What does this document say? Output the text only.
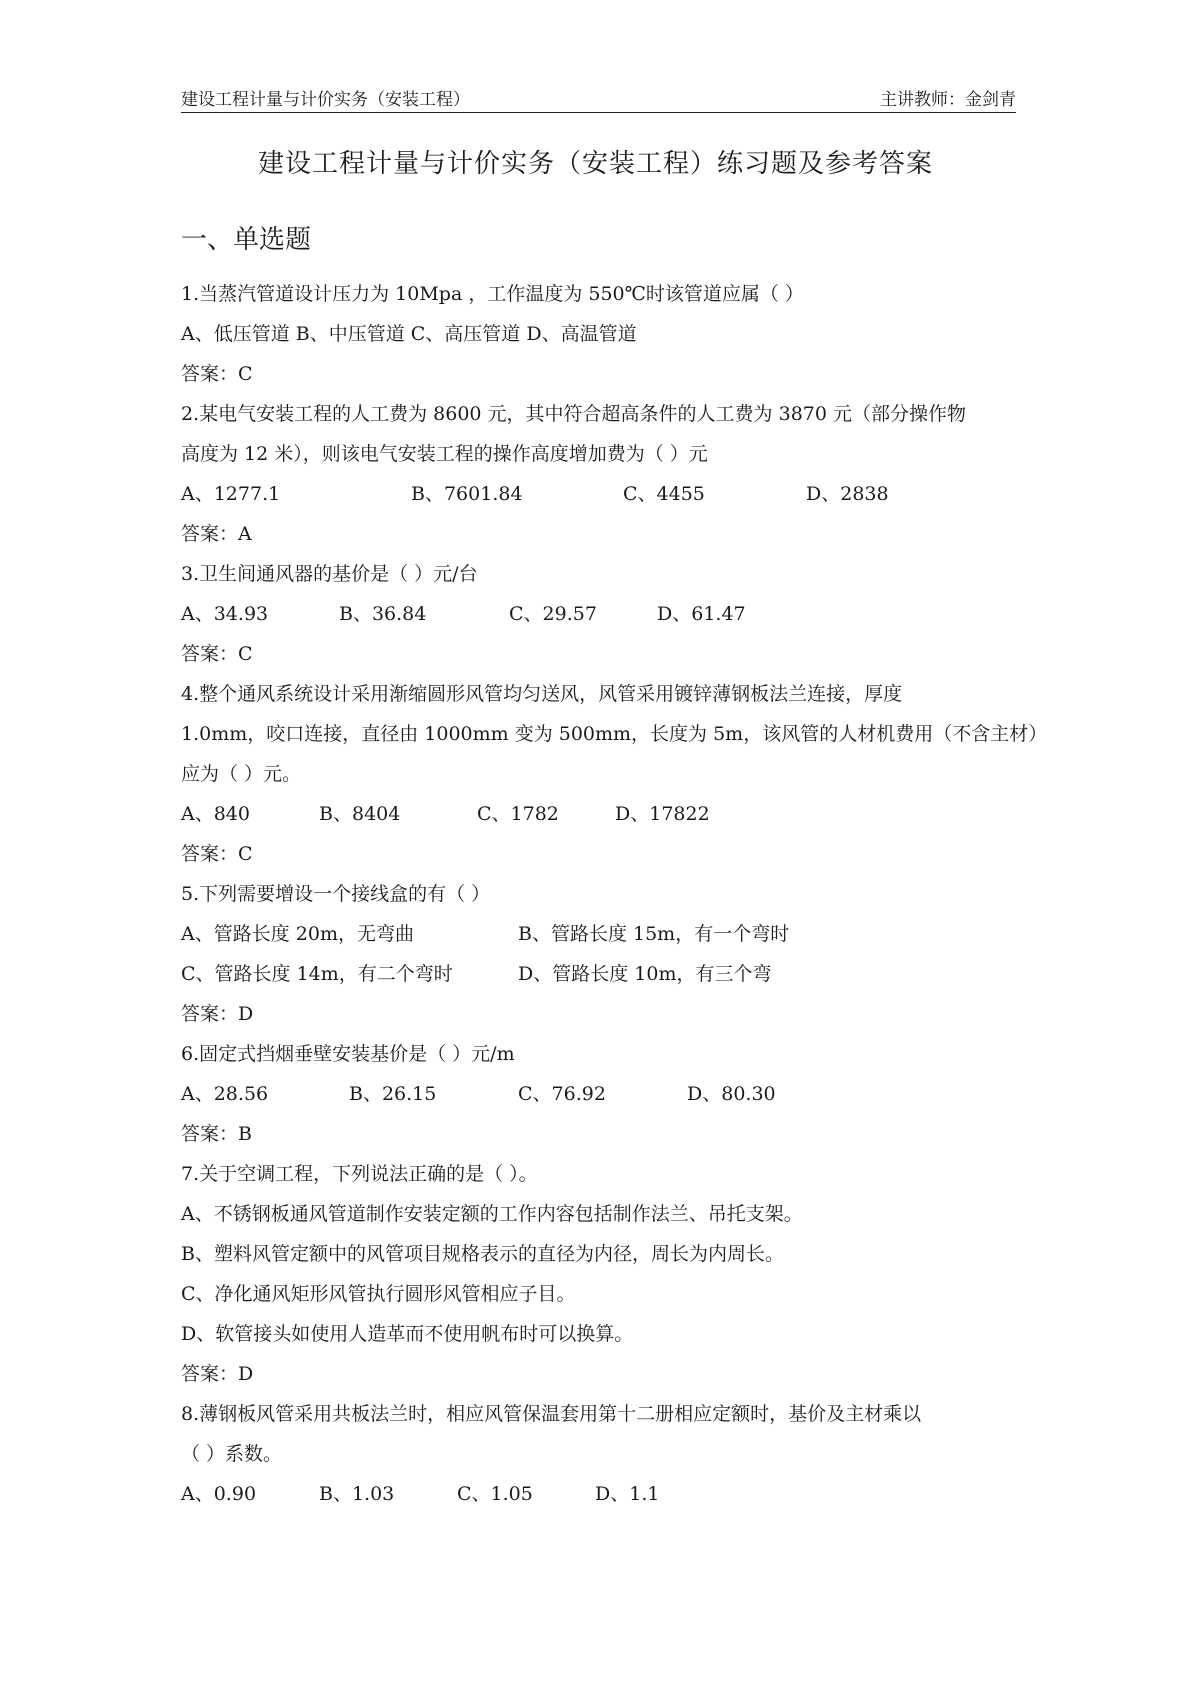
建设工程计量与计价实务（安装工程）	主讲教师：金剑青
建设工程计量与计价实务（安装工程）练习题及参考答案
一、单选题
1.当蒸汽管道设计压力为 10Mpa ，工作温度为 550℃时该管道应属（ ）
A、低压管道 B、中压管道 C、高压管道 D、高温管道
答案：C
2.某电气安装工程的人工费为 8600 元，其中符合超高条件的人工费为 3870 元（部分操作物
高度为 12 米），则该电气安装工程的操作高度增加费为（ ）元
A、1277.1	B、7601.84	C、4455	D、2838
答案：A
3.卫生间通风器的基价是（ ）元/台
A、34.93	B、36.84	C、29.57	D、61.47
答案：C
4.整个通风系统设计采用渐缩圆形风管均匀送风，风管采用镀锌薄钢板法兰连接，厚度
1.0mm，咬口连接，直径由 1000mm 变为 500mm，长度为 5m，该风管的人材机费用（不含主材）
应为（ ）元。
A、840	B、8404	C、1782	D、17822
答案：C
5.下列需要增设一个接线盒的有（ ）
A、管路长度 20m，无弯曲	B、管路长度 15m，有一个弯时
C、管路长度 14m，有二个弯时	D、管路长度 10m，有三个弯
答案：D
6.固定式挡烟垂壁安装基价是（ ）元/m
A、28.56	B、26.15	C、76.92	D、80.30
答案：B
7.关于空调工程，下列说法正确的是（ ）。
A、不锈钢板通风管道制作安装定额的工作内容包括制作法兰、吊托支架。
B、塑料风管定额中的风管项目规格表示的直径为内径，周长为内周长。
C、净化通风矩形风管执行圆形风管相应子目。
D、软管接头如使用人造革而不使用帆布时可以换算。
答案：D
8.薄钢板风管采用共板法兰时，相应风管保温套用第十二册相应定额时，基价及主材乘以
（ ）系数。
A、0.90	B、1.03	C、1.05	D、1.1
